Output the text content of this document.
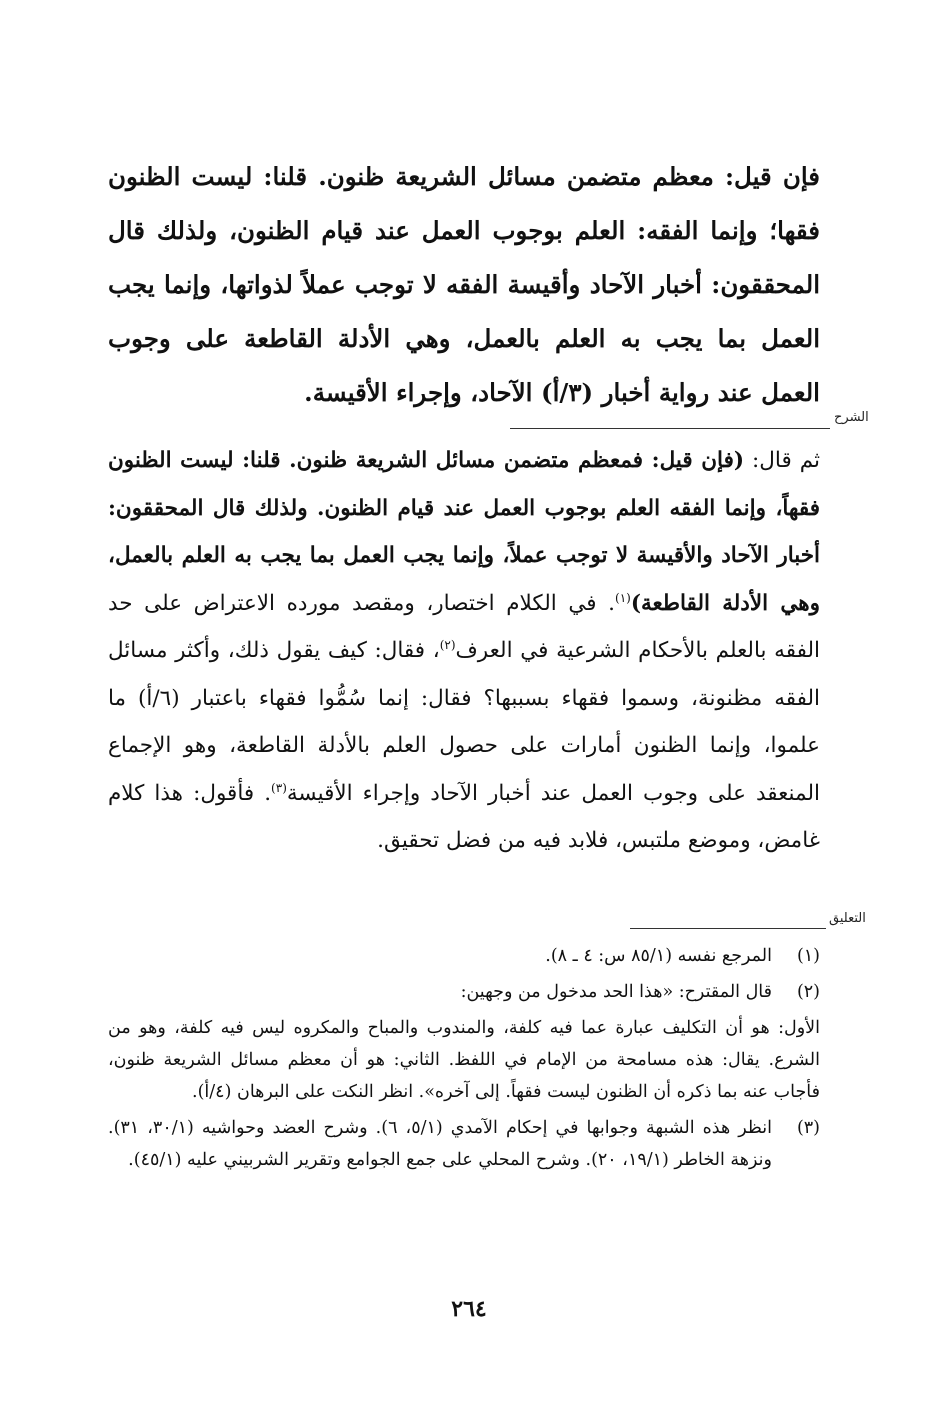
فإن قيل: معظم متضمن مسائل الشريعة ظنون. قلنا: ليست الظنون فقها؛ وإنما الفقه: العلم بوجوب العمل عند قيام الظنون، ولذلك قال المحققون: أخبار الآحاد وأقيسة الفقه لا توجب عملاً لذواتها، وإنما يجب العمل بما يجب به العلم بالعمل، وهي الأدلة القاطعة على وجوب العمل عند رواية أخبار (٣/أ) الآحاد، وإجراء الأقيسة.
الشرح
ثم قال: (فإن قيل: فمعظم متضمن مسائل الشريعة ظنون. قلنا: ليست الظنون فقهاً، وإنما الفقه العلم بوجوب العمل عند قيام الظنون. ولذلك قال المحققون: أخبار الآحاد والأقيسة لا توجب عملاً، وإنما يجب العمل بما يجب به العلم بالعمل، وهي الأدلة القاطعة)$^{(١)}$. في الكلام اختصار، ومقصد مورده الاعتراض على حد الفقه بالعلم بالأحكام الشرعية في العرف$^{(٢)}$، فقال: كيف يقول ذلك، وأكثر مسائل الفقه مظنونة، وسموا فقهاء بسببها؟ فقال: إنما سُمُّوا فقهاء باعتبار (٦/أ) ما علموا، وإنما الظنون أمارات على حصول العلم بالأدلة القاطعة، وهو الإجماع المنعقد على وجوب العمل عند أخبار الآحاد وإجراء الأقيسة$^{(٣)}$. فأقول: هذا كلام غامض، وموضع ملتبس، فلابد فيه من فضل تحقيق.
التعليق
(١)

المرجع نفسه (٨٥/١ س: ٤ ـ ٨).

(٢)

قال المقترح: «هذا الحد مدخول من وجهين:

الأول: هو أن التكليف عبارة عما فيه كلفة، والمندوب والمباح والمكروه ليس فيه كلفة، وهو من الشرع. يقال: هذه مسامحة من الإمام في اللفظ. الثاني: هو أن معظم مسائل الشريعة ظنون، فأجاب عنه بما ذكره أن الظنون ليست فقهاً. إلى آخره». انظر النكت على البرهان (٤/أ).

(٣)

انظر هذه الشبهة وجوابها في إحكام الآمدي (٥/١، ٦). وشرح العضد وحواشيه (٣٠/١، ٣١). ونزهة الخاطر (١٩/١، ٢٠). وشرح المحلي على جمع الجوامع وتقرير الشربيني عليه (٤٥/١).

٢٦٤
